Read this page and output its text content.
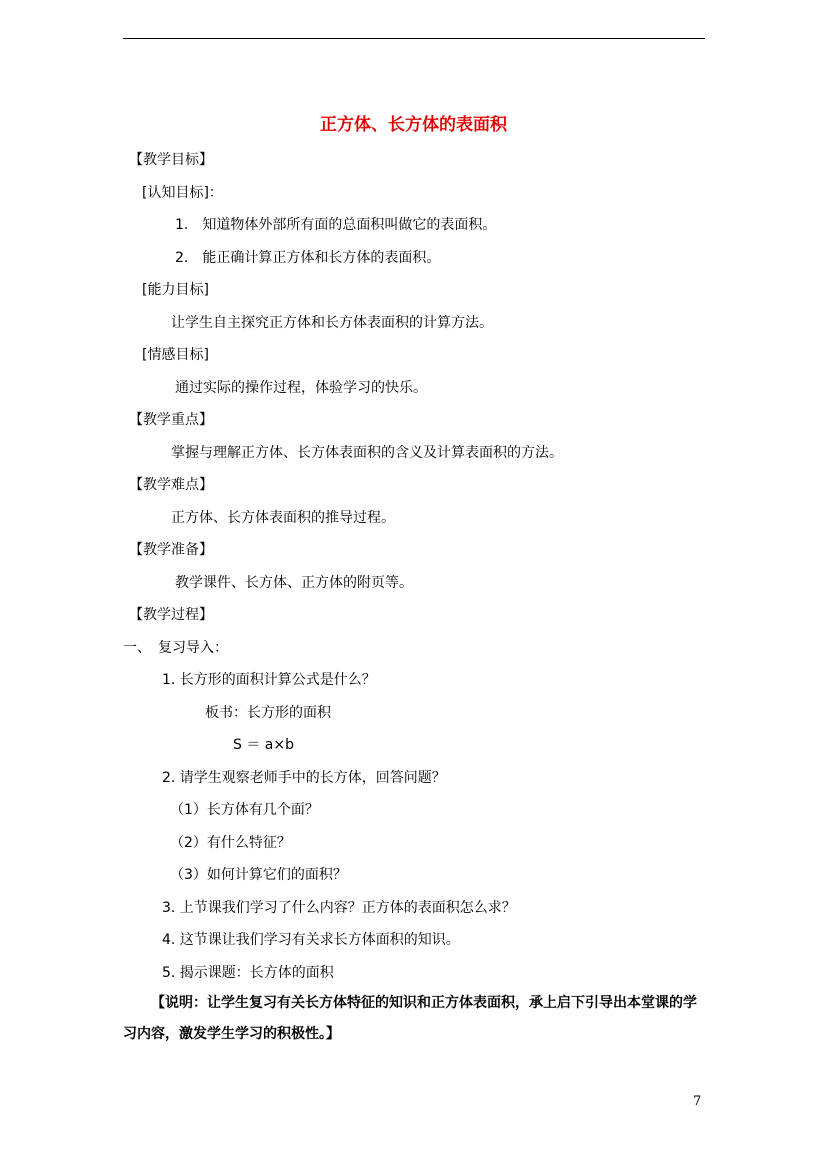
正方体、长方体的表面积
【教学目标】
[认知目标]：
1.　知道物体外部所有面的总面积叫做它的表面积。
2.　能正确计算正方体和长方体的表面积。
[能力目标]
让学生自主探究正方体和长方体表面积的计算方法。
[情感目标]
通过实际的操作过程，体验学习的快乐。
【教学重点】
掌握与理解正方体、长方体表面积的含义及计算表面积的方法。
【教学难点】
正方体、长方体表面积的推导过程。
【教学准备】
教学课件、长方体、正方体的附页等。
【教学过程】
一、　复习导入：
1. 长方形的面积计算公式是什么？
板书：长方形的面积
S ＝ a×b
2. 请学生观察老师手中的长方体，回答问题？
（1）长方体有几个面？
（2）有什么特征？
（3）如何计算它们的面积？
3. 上节课我们学习了什么内容？正方体的表面积怎么求？
4. 这节课让我们学习有关求长方体面积的知识。
5. 揭示课题：长方体的面积
【说明：让学生复习有关长方体特征的知识和正方体表面积，承上启下引导出本堂课的学习内容，激发学生学习的积极性。】
7
